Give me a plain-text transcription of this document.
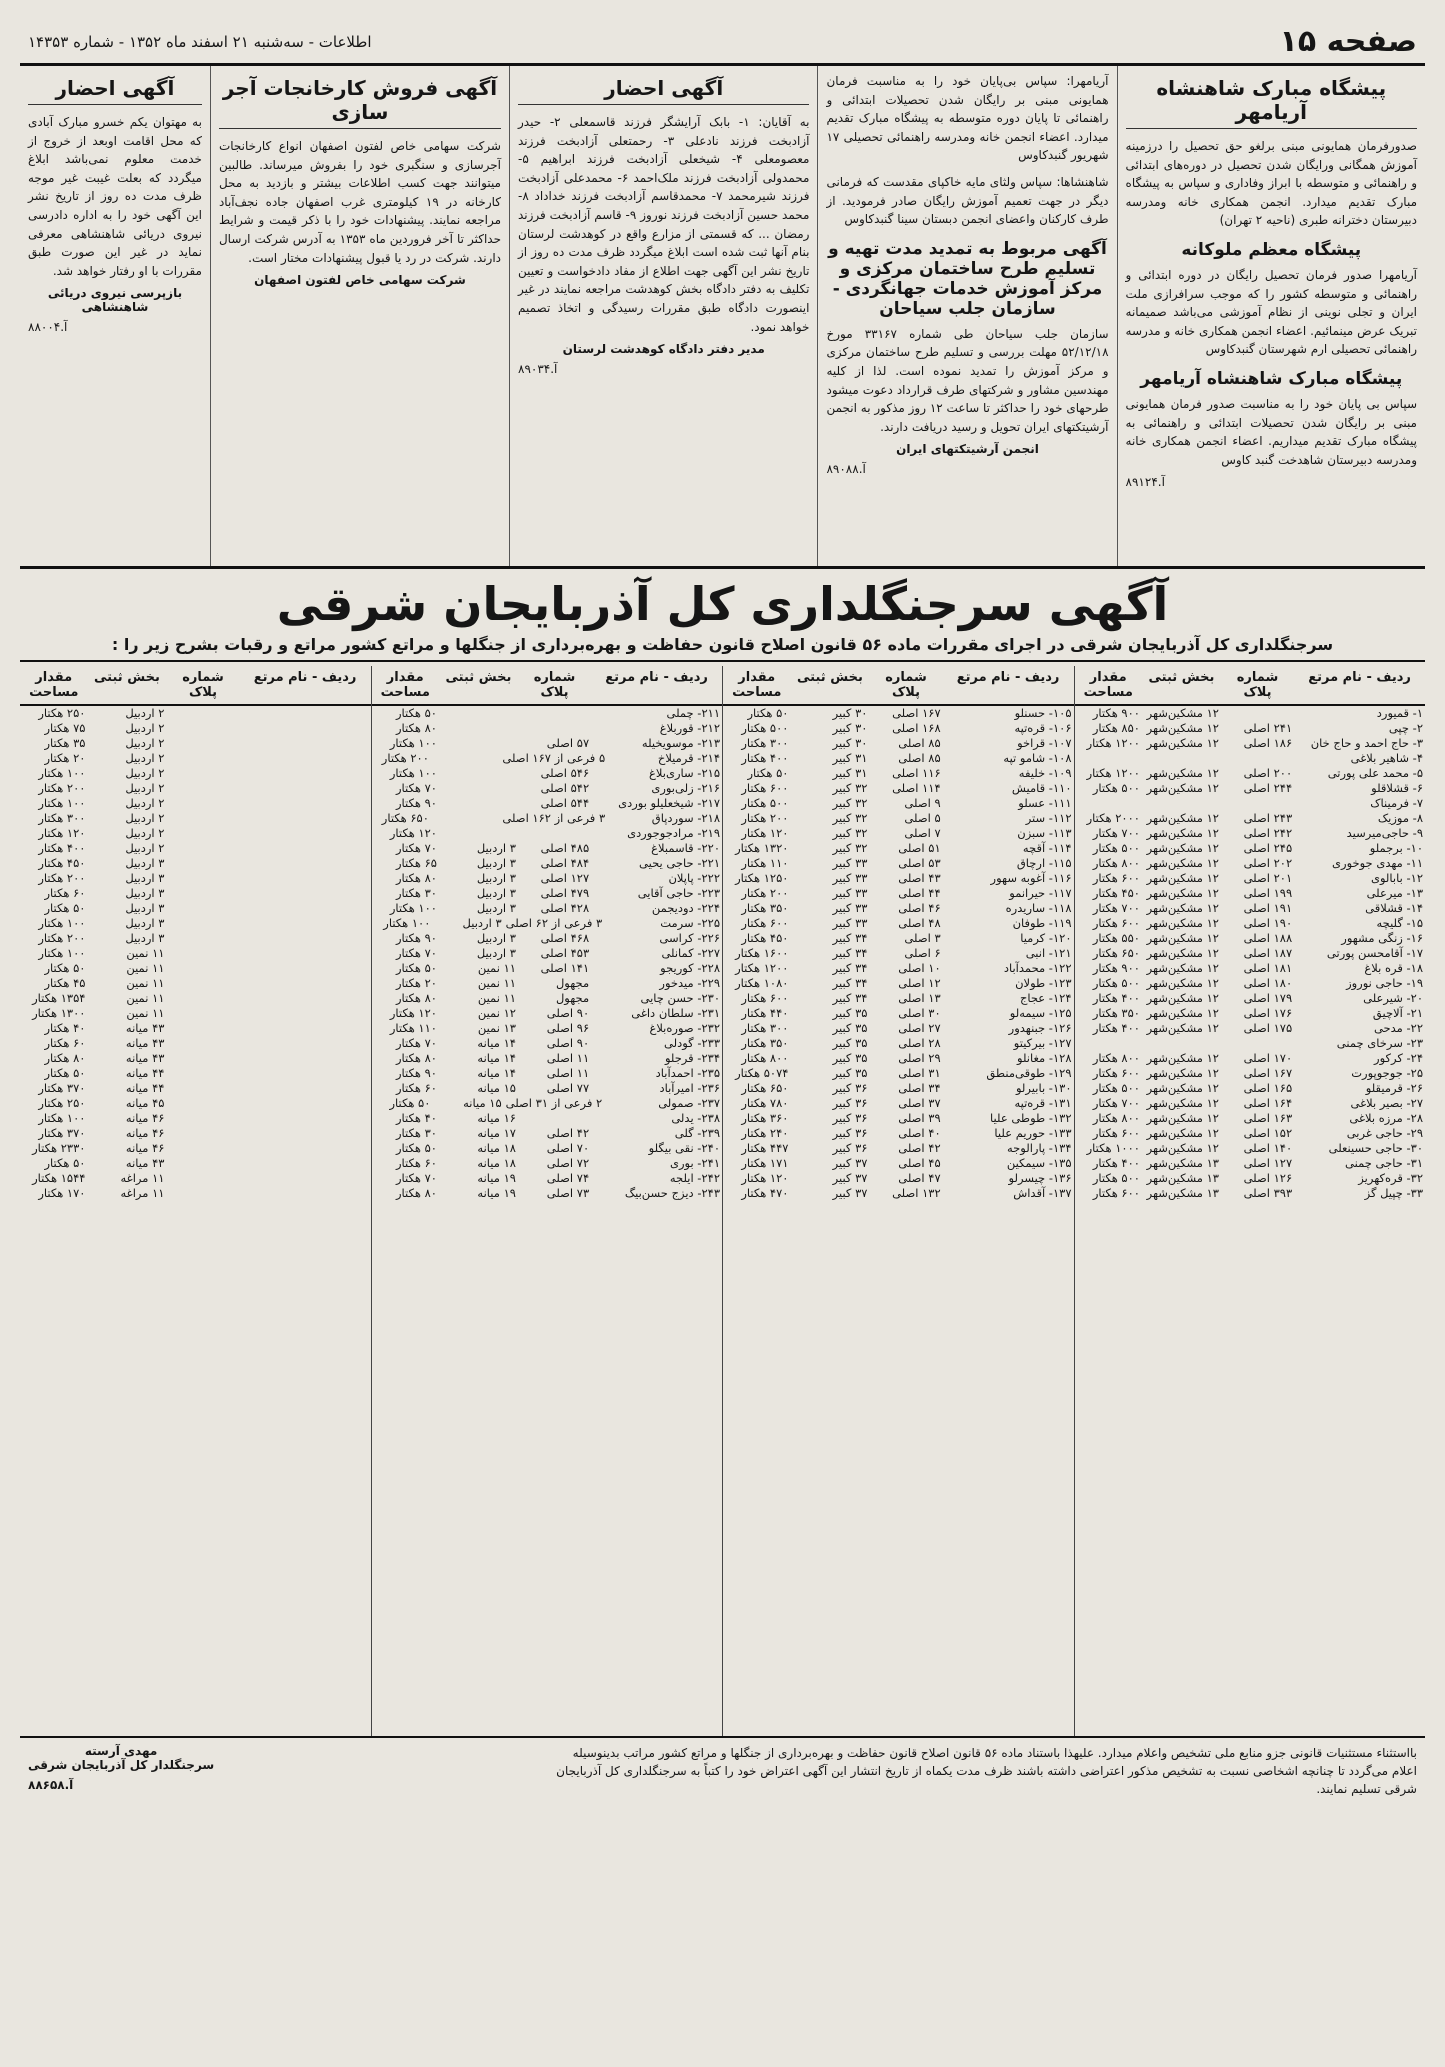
صفحه ۱۵
اطلاعات - سه‌شنبه ۲۱ اسفند ماه ۱۳۵۲ - شماره ۱۴۳۵۳
پیشگاه مبارک شاهنشاه آریامهر
صدورفرمان همایونی مبنی برلغو حق تحصیل را درزمینه آموزش همگانی ورایگان شدن تحصیل در دوره‌های ابتدائی و راهنمائی و متوسطه با ابراز وفاداری و سپاس به پیشگاه مبارک تقدیم میدارد. انجمن همکاری خانه ومدرسه دبیرستان دخترانه طبری (ناحیه ۲ تهران)
پیشگاه معظم ملوکانه
آریامهرا صدور فرمان تحصیل رایگان در دوره ابتدائی و راهنمائی و متوسطه کشور را که موجب سرافرازی ملت ایران و تجلی نوینی از نظام آموزشی می‌باشد صمیمانه تبریک عرض مینمائیم. اعضاء انجمن همکاری خانه و مدرسه راهنمائی تحصیلی ارم شهرستان گنبدکاوس
پیشگاه مبارک شاهنشاه آریامهر
سپاس بی پایان خود را به مناسبت صدور فرمان همایونی مبنی بر رایگان شدن تحصیلات ابتدائی و راهنمائی به پیشگاه مبارک تقدیم میداریم. اعضاء انجمن همکاری خانه ومدرسه دبیرستان شاهدخت گنبد کاوس
آ.۸۹۱۲۴
آریامهرا: سپاس بی‌پایان خود را به مناسبت فرمان همایونی مبنی بر رایگان شدن تحصیلات ابتدائی و راهنمائی تا پایان دوره متوسطه به پیشگاه مبارک تقدیم میدارد. اعضاء انجمن خانه ومدرسه راهنمائی تحصیلی ۱۷ شهریور گنبدکاوس
شاهنشاها: سپاس ولثای مایه خاکپای مقدست که فرمانی دیگر در جهت تعمیم آموزش رایگان صادر فرمودید. از طرف کارکنان واعضای انجمن دبستان سینا گنبدکاوس
آگهی مربوط به تمدید مدت تهیه و تسلیم طرح ساختمان مرکزی و مرکز آموزش خدمات جهانگردی - سازمان جلب سیاحان
سازمان جلب سیاحان طی شماره ۳۳۱۶۷ مورخ ۵۲/۱۲/۱۸ مهلت بررسی و تسلیم طرح ساختمان مرکزی و مرکز آموزش را تمدید نموده است. لذا از کلیه مهندسین مشاور و شرکتهای طرف قرارداد دعوت میشود طرحهای خود را حداکثر تا ساعت ۱۲ روز مذکور به انجمن آرشیتکتهای ایران تحویل و رسید دریافت دارند.
انجمن آرشیتکتهای ایران
آ.۸۹۰۸۸
آگهی احضار
به آقایان: ۱- بابک آرایشگر فرزند قاسمعلی ۲- حیدر آزادبخت فرزند نادعلی ۳- رحمتعلی آزادبخت فرزند معصومعلی ۴- شیخعلی آزادبخت فرزند ابراهیم ۵- محمدولی آزادبخت فرزند ملک‌احمد ۶- محمدعلی آزادبخت فرزند شیرمحمد ۷- محمدقاسم آزادبخت فرزند خداداد ۸- محمد حسین آزادبخت فرزند نوروز ۹- قاسم آزادبخت فرزند رمضان ... که قسمتی از مزارع واقع در کوهدشت لرستان بنام آنها ثبت شده است ابلاغ میگردد ظرف مدت ده روز از تاریخ نشر این آگهی جهت اطلاع از مفاد دادخواست و تعیین تکلیف به دفتر دادگاه بخش کوهدشت مراجعه نمایند در غیر اینصورت دادگاه طبق مقررات رسیدگی و اتخاذ تصمیم خواهد نمود.
مدیر دفتر دادگاه کوهدشت لرستان
آ.۸۹۰۳۴
آگهی فروش کارخانجات آجر سازی
شرکت سهامی خاص لفتون اصفهان انواع کارخانجات آجرسازی و سنگبری خود را بفروش میرساند. طالبین میتوانند جهت کسب اطلاعات بیشتر و بازدید به محل کارخانه در ۱۹ کیلومتری غرب اصفهان جاده نجف‌آباد مراجعه نمایند. پیشنهادات خود را با ذکر قیمت و شرایط حداکثر تا آخر فروردین ماه ۱۳۵۳ به آدرس شرکت ارسال دارند. شرکت در رد یا قبول پیشنهادات مختار است.
شرکت سهامی خاص لفتون اصفهان
آگهی احضار
به مهتوان یکم خسرو مبارک آبادی که محل اقامت اوبعد از خروج از خدمت معلوم نمی‌باشد ابلاغ میگردد که بعلت غیبت غیر موجه ظرف مدت ده روز از تاریخ نشر این آگهی خود را به اداره دادرسی نیروی دریائی شاهنشاهی معرفی نماید در غیر این صورت طبق مقررات با او رفتار خواهد شد.
بازپرسی نیروی دریائی شاهنشاهی
آ.۸۸۰۰۴
آگهی سرجنگلداری کل آذربایجان شرقی
سرجنگلداری کل آذربایجان شرقی در اجرای مقررات ماده ۵۶ قانون اصلاح قانون حفاظت و بهره‌برداری از جنگلها و مراتع کشور مراتع و رقبات بشرح زیر را :
ردیف - نام مرتع
شماره پلاک
بخش ثبتی
مقدار مساحت
۱- قمیورد
۱۲ مشکین‌شهر
۹۰۰ هکتار
۲- چپی
۲۴۱ اصلی
۱۲ مشکین‌شهر
۸۵۰ هکتار
۳- حاج احمد و حاج خان
۱۸۶ اصلی
۱۲ مشکین‌شهر
۱۲۰۰ هکتار
۴- شاهیر بلاغی
۵- محمد علی پورتی
۲۰۰ اصلی
۱۲ مشکین‌شهر
۱۲۰۰ هکتار
۶- قشلاقلو
۲۴۴ اصلی
۱۲ مشکین‌شهر
۵۰۰ هکتار
۷- فرمیناک
۸- موزیک
۲۴۳ اصلی
۱۲ مشکین‌شهر
۲۰۰۰ هکتار
۹- حاجی‌میرسید
۲۴۲ اصلی
۱۲ مشکین‌شهر
۷۰۰ هکتار
۱۰- برجملو
۲۴۵ اصلی
۱۲ مشکین‌شهر
۵۰۰ هکتار
۱۱- مهدی جوخوری
۲۰۲ اصلی
۱۲ مشکین‌شهر
۸۰۰ هکتار
۱۲- بابالوی
۲۰۱ اصلی
۱۲ مشکین‌شهر
۶۰۰ هکتار
۱۳- میرعلی
۱۹۹ اصلی
۱۲ مشکین‌شهر
۴۵۰ هکتار
۱۴- قشلاقی
۱۹۱ اصلی
۱۲ مشکین‌شهر
۷۰۰ هکتار
۱۵- گلیچه
۱۹۰ اصلی
۱۲ مشکین‌شهر
۶۰۰ هکتار
۱۶- زنگی مشهور
۱۸۸ اصلی
۱۲ مشکین‌شهر
۵۵۰ هکتار
۱۷- آقامحسن پورتی
۱۸۷ اصلی
۱۲ مشکین‌شهر
۶۵۰ هکتار
۱۸- قره بلاغ
۱۸۱ اصلی
۱۲ مشکین‌شهر
۹۰۰ هکتار
۱۹- حاجی نوروز
۱۸۰ اصلی
۱۲ مشکین‌شهر
۵۰۰ هکتار
۲۰- شیرعلی
۱۷۹ اصلی
۱۲ مشکین‌شهر
۴۰۰ هکتار
۲۱- آلاچیق
۱۷۶ اصلی
۱۲ مشکین‌شهر
۳۵۰ هکتار
۲۲- مدحی
۱۷۵ اصلی
۱۲ مشکین‌شهر
۴۰۰ هکتار
۲۳- سرخای چمنی
۲۴- کرکور
۱۷۰ اصلی
۱۲ مشکین‌شهر
۸۰۰ هکتار
۲۵- جوجوپورت
۱۶۷ اصلی
۱۲ مشکین‌شهر
۶۰۰ هکتار
۲۶- قرمیقلو
۱۶۵ اصلی
۱۲ مشکین‌شهر
۵۰۰ هکتار
۲۷- بصیر بلاغی
۱۶۴ اصلی
۱۲ مشکین‌شهر
۷۰۰ هکتار
۲۸- مرزه بلاغی
۱۶۳ اصلی
۱۲ مشکین‌شهر
۸۰۰ هکتار
۲۹- حاجی غربی
۱۵۲ اصلی
۱۲ مشکین‌شهر
۶۰۰ هکتار
۳۰- حاجی حسینعلی
۱۴۰ اصلی
۱۲ مشکین‌شهر
۱۰۰۰ هکتار
۳۱- حاجی چمنی
۱۲۷ اصلی
۱۳ مشکین‌شهر
۴۰۰ هکتار
۳۲- قره‌کهریز
۱۲۶ اصلی
۱۳ مشکین‌شهر
۵۰۰ هکتار
۳۳- چپیل گز
۳۹۳ اصلی
۱۳ مشکین‌شهر
۶۰۰ هکتار
ردیف - نام مرتع
شماره پلاک
بخش ثبتی
مقدار مساحت
۱۰۵- حسنلو
۱۶۷ اصلی
۳۰ کبیر
۵۰ هکتار
۱۰۶- قره‌تپه
۱۶۸ اصلی
۳۰ کبیر
۵۰۰ هکتار
۱۰۷- قراخو
۸۵ اصلی
۳۰ کبیر
۳۰۰ هکتار
۱۰۸- شامو تپه
۸۵ اصلی
۳۱ کبیر
۴۰۰ هکتار
۱۰۹- خلیفه
۱۱۶ اصلی
۳۱ کبیر
۵۰ هکتار
۱۱۰- قامیش
۱۱۴ اصلی
۳۲ کبیر
۶۰۰ هکتار
۱۱۱- عسلو
۹ اصلی
۳۲ کبیر
۵۰۰ هکتار
۱۱۲- ستر
۵ اصلی
۳۲ کبیر
۲۰۰ هکتار
۱۱۳- سبزن
۷ اصلی
۳۲ کبیر
۱۲۰ هکتار
۱۱۴- آقچه
۵۱ اصلی
۳۲ کبیر
۱۳۲۰ هکتار
۱۱۵- ارچاق
۵۳ اصلی
۳۳ کبیر
۱۱۰ هکتار
۱۱۶- آغوبه سهور
۴۳ اصلی
۳۳ کبیر
۱۲۵۰ هکتار
۱۱۷- حیرانمو
۴۴ اصلی
۳۳ کبیر
۲۰۰ هکتار
۱۱۸- ساریدره
۴۶ اصلی
۳۳ کبیر
۳۵۰ هکتار
۱۱۹- طوفان
۴۸ اصلی
۳۳ کبیر
۶۰۰ هکتار
۱۲۰- کرمیا
۳ اصلی
۳۴ کبیر
۴۵۰ هکتار
۱۲۱- انبی
۶ اصلی
۳۴ کبیر
۱۶۰۰ هکتار
۱۲۲- محمدآباد
۱۰ اصلی
۳۴ کبیر
۱۲۰۰ هکتار
۱۲۳- طولان
۱۲ اصلی
۳۴ کبیر
۱۰۸۰ هکتار
۱۲۴- عجاج
۱۳ اصلی
۳۴ کبیر
۶۰۰ هکتار
۱۲۵- سیمه‌لو
۳۰ اصلی
۳۵ کبیر
۴۴۰ هکتار
۱۲۶- جبنهدور
۲۷ اصلی
۳۵ کبیر
۳۰۰ هکتار
۱۲۷- بیرکیتو
۲۸ اصلی
۳۵ کبیر
۳۵۰ هکتار
۱۲۸- مغانلو
۲۹ اصلی
۳۵ کبیر
۸۰۰ هکتار
۱۲۹- طوقی‌منطق
۳۱ اصلی
۳۵ کبیر
۵۰۷۴ هکتار
۱۳۰- بابیرلو
۳۴ اصلی
۳۶ کبیر
۶۵۰ هکتار
۱۳۱- قره‌تپه
۳۷ اصلی
۳۶ کبیر
۷۸۰ هکتار
۱۳۲- طوطی علیا
۳۹ اصلی
۳۶ کبیر
۳۶۰ هکتار
۱۳۳- حوریم علیا
۴۰ اصلی
۳۶ کبیر
۲۴۰ هکتار
۱۳۴- پارالوجه
۴۲ اصلی
۳۶ کبیر
۴۴۷ هکتار
۱۳۵- سیمکین
۴۵ اصلی
۳۷ کبیر
۱۷۱ هکتار
۱۳۶- چیسرلو
۴۷ اصلی
۳۷ کبیر
۱۲۰ هکتار
۱۳۷- آقداش
۱۳۲ اصلی
۳۷ کبیر
۴۷۰ هکتار
ردیف - نام مرتع
شماره پلاک
بخش ثبتی
مقدار مساحت
۲۱۱- چملی
۵۰ هکتار
۲۱۲- قوربلاغ
۸۰ هکتار
۲۱۳- موسویخیله
۵۷ اصلی
۱۰۰ هکتار
۲۱۴- قرمیلاخ
۵ فرعی از ۱۶۷ اصلی
۲۰۰ هکتار
۲۱۵- ساری‌بلاغ
۵۴۶ اصلی
۱۰۰ هکتار
۲۱۶- زلی‌بوری
۵۴۲ اصلی
۷۰ هکتار
۲۱۷- شیخعلیلو بوردی
۵۴۴ اصلی
۹۰ هکتار
۲۱۸- سوردپاق
۳ فرعی از ۱۶۲ اصلی
۶۵۰ هکتار
۲۱۹- مرادجوجوردی
۱۲۰ هکتار
۲۲۰- قاسمبلاغ
۴۸۵ اصلی
۳ اردبیل
۷۰ هکتار
۲۲۱- حاجی یحیی
۴۸۴ اصلی
۳ اردبیل
۶۵ هکتار
۲۲۲- پاپلان
۱۲۷ اصلی
۳ اردبیل
۸۰ هکتار
۲۲۳- حاجی آقایی
۴۷۹ اصلی
۳ اردبیل
۳۰ هکتار
۲۲۴- دودیجمن
۴۲۸ اصلی
۳ اردبیل
۱۰۰ هکتار
۲۲۵- سرمت
۳ فرعی از ۶۲ اصلی
۳ اردبیل
۱۰۰ هکتار
۲۲۶- کراسی
۴۶۸ اصلی
۳ اردبیل
۹۰ هکتار
۲۲۷- کمانلی
۴۵۳ اصلی
۳ اردبیل
۷۰ هکتار
۲۲۸- کوریجو
۱۴۱ اصلی
۱۱ نمین
۵۰ هکتار
۲۲۹- میدخور
مجهول
۱۱ نمین
۲۰ هکتار
۲۳۰- حسن چایی
مجهول
۱۱ نمین
۸۰ هکتار
۲۳۱- سلطان داغی
۹۰ اصلی
۱۲ نمین
۱۲۰ هکتار
۲۳۲- صوره‌بلاغ
۹۶ اصلی
۱۳ نمین
۱۱۰ هکتار
۲۳۳- گودلی
۹۰ اصلی
۱۴ میانه
۷۰ هکتار
۲۳۴- قرجلو
۱۱ اصلی
۱۴ میانه
۸۰ هکتار
۲۳۵- احمدآباد
۱۱ اصلی
۱۴ میانه
۹۰ هکتار
۲۳۶- امیرآباد
۷۷ اصلی
۱۵ میانه
۶۰ هکتار
۲۳۷- صمولی
۲ فرعی از ۳۱ اصلی
۱۵ میانه
۵۰ هکتار
۲۳۸- یدلی
۱۶ میانه
۴۰ هکتار
۲۳۹- گلی
۴۲ اصلی
۱۷ میانه
۳۰ هکتار
۲۴۰- نقی بیگلو
۷۰ اصلی
۱۸ میانه
۵۰ هکتار
۲۴۱- بوری
۷۲ اصلی
۱۸ میانه
۶۰ هکتار
۲۴۲- ایلجه
۷۴ اصلی
۱۹ میانه
۷۰ هکتار
۲۴۳- دیزج حسن‌بیگ
۷۳ اصلی
۱۹ میانه
۸۰ هکتار
ردیف - نام مرتع
شماره پلاک
بخش ثبتی
مقدار مساحت
۲ اردبیل
۲۵۰ هکتار
۲ اردبیل
۷۵ هکتار
۲ اردبیل
۳۵ هکتار
۲ اردبیل
۲۰ هکتار
۲ اردبیل
۱۰۰ هکتار
۲ اردبیل
۲۰۰ هکتار
۲ اردبیل
۱۰۰ هکتار
۲ اردبیل
۳۰۰ هکتار
۲ اردبیل
۱۲۰ هکتار
۲ اردبیل
۴۰۰ هکتار
۳ اردبیل
۴۵۰ هکتار
۳ اردبیل
۲۰۰ هکتار
۳ اردبیل
۶۰ هکتار
۳ اردبیل
۵۰ هکتار
۳ اردبیل
۱۰۰ هکتار
۳ اردبیل
۲۰۰ هکتار
۱۱ نمین
۱۰۰ هکتار
۱۱ نمین
۵۰ هکتار
۱۱ نمین
۴۵ هکتار
۱۱ نمین
۱۳۵۴ هکتار
۱۱ نمین
۱۳۰۰ هکتار
۴۳ میانه
۴۰ هکتار
۴۳ میانه
۶۰ هکتار
۴۳ میانه
۸۰ هکتار
۴۴ میانه
۵۰ هکتار
۴۴ میانه
۳۷۰ هکتار
۴۵ میانه
۲۵۰ هکتار
۴۶ میانه
۱۰۰ هکتار
۴۶ میانه
۳۷۰ هکتار
۴۶ میانه
۲۳۳۰ هکتار
۴۳ میانه
۵۰ هکتار
۱۱ مراغه
۱۵۴۴ هکتار
۱۱ مراغه
۱۷۰ هکتار
بااستثناء مستثنیات قانونی جزو منابع ملی تشخیص واعلام میدارد. علیهذا باستناد ماده ۵۶ قانون اصلاح قانون حفاظت و بهره‌برداری از جنگلها و مراتع کشور مراتب بدینوسیله اعلام می‌گردد تا چنانچه اشخاصی نسبت به تشخیص مذکور اعتراضی داشته باشند ظرف مدت یکماه از تاریخ انتشار این آگهی اعتراض خود را کتباً به سرجنگلداری کل آذربایجان شرقی تسلیم نمایند.
مهدی آرسته
سرجنگلدار کل آذربایجان شرقی
آ.۸۸۶۵۸
